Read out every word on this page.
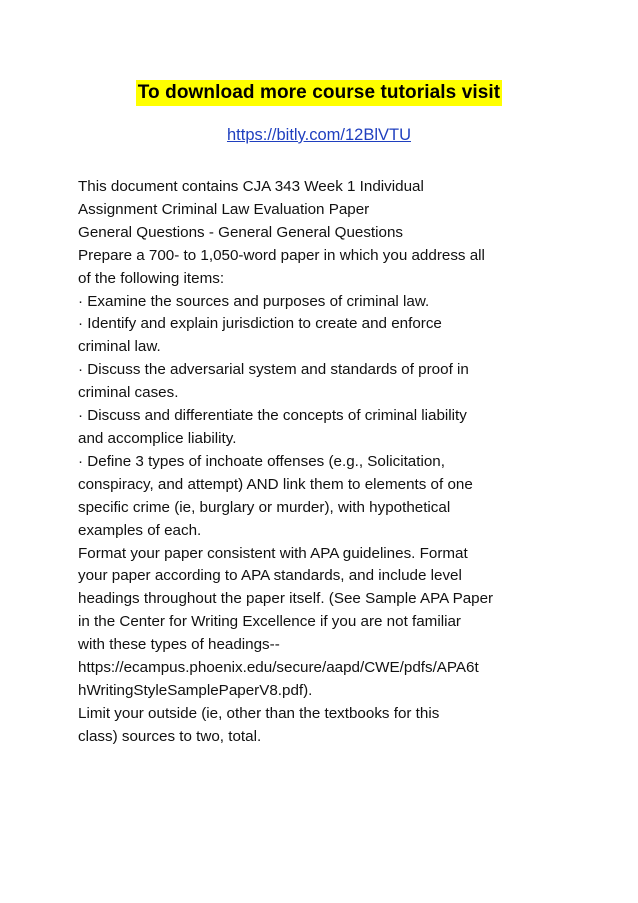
To download more course tutorials visit
https://bitly.com/12BlVTU
This document contains CJA 343 Week 1 Individual
Assignment Criminal Law Evaluation Paper
General Questions - General General Questions
Prepare a 700- to 1,050-word paper in which you address all
of the following items:
· Examine the sources and purposes of criminal law.
· Identify and explain jurisdiction to create and enforce
criminal law.
· Discuss the adversarial system and standards of proof in
criminal cases.
· Discuss and differentiate the concepts of criminal liability
and accomplice liability.
· Define 3 types of inchoate offenses (e.g., Solicitation,
conspiracy, and attempt) AND link them to elements of one
specific crime (ie, burglary or murder), with hypothetical
examples of each.
Format your paper consistent with APA guidelines. Format
your paper according to APA standards, and include level
headings throughout the paper itself. (See Sample APA Paper
in the Center for Writing Excellence if you are not familiar
with these types of headings--
https://ecampus.phoenix.edu/secure/aapd/CWE/pdfs/APA6t
hWritingStyleSamplePaperV8.pdf).
Limit your outside (ie, other than the textbooks for this
class) sources to two, total.
